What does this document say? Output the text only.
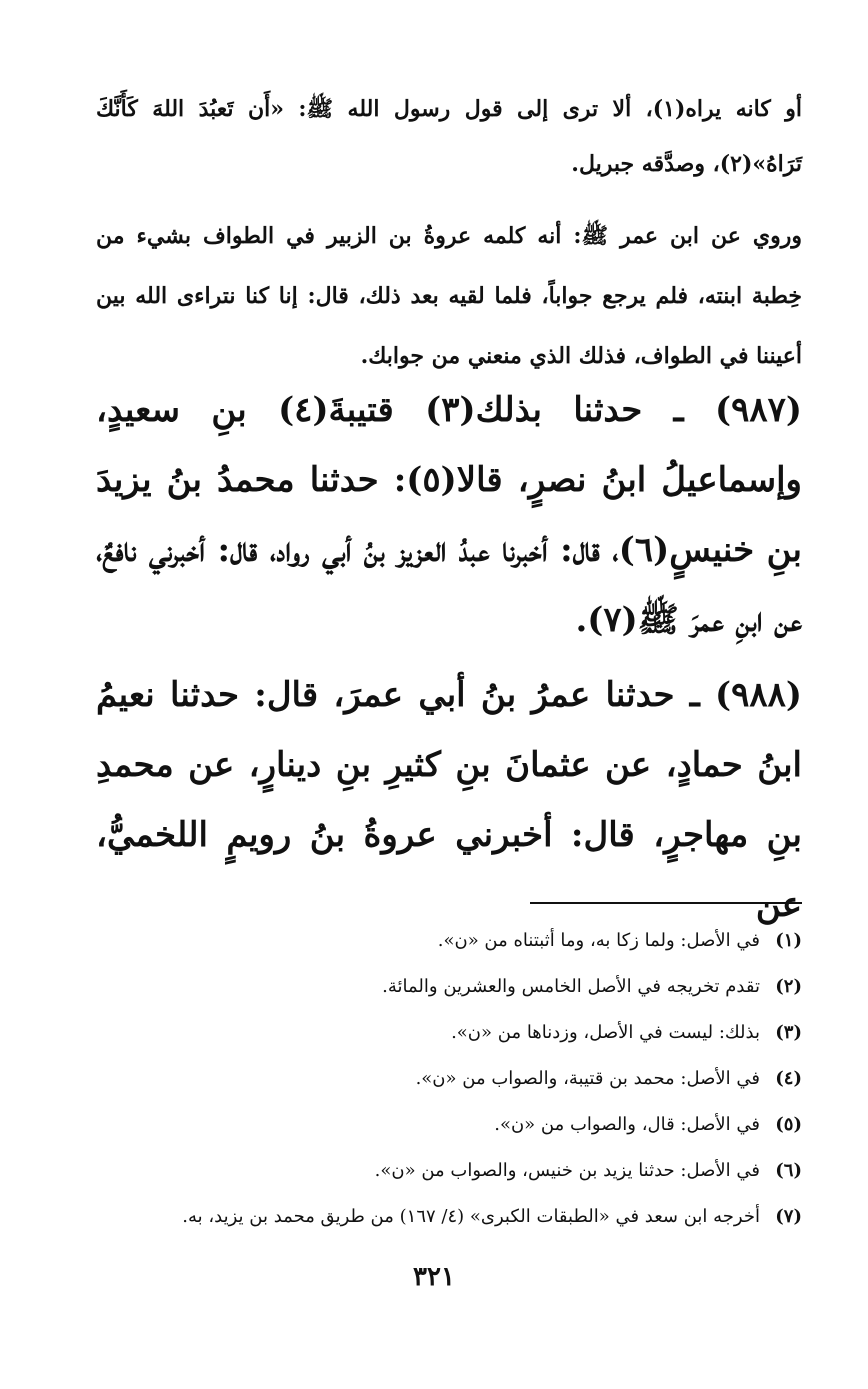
أو كانه يراه(١)، ألا ترى إلى قول رسول الله ﷺ: «أَن تَعبُدَ اللهَ كَأَنَّكَ تَرَاهُ»(٢)، وصدَّقه جبريل.

وروي عن ابن عمر ﷺ: أنه كلمه عروةُ بن الزبير في الطواف بشيء من خِطبة ابنته، فلم يرجع جواباً، فلما لقيه بعد ذلك، قال: إنا كنا نتراءى الله بين أعيننا في الطواف، فذلك الذي منعني من جوابك.

(٩٨٧) ـ حدثنا بذلك(٣) قتيبةَ(٤) بنِ سعيدٍ، وإسماعيلُ ابنُ نصرٍ، قالا(٥): حدثنا محمدُ بنُ يزيدَ بنِ خنيسٍ(٦)، قال: أخبرنا عبدُ العزيز بنُ أبي رواد، قال: أخبرني نافعٌ، عن ابنِ عمرَ ﷺ(٧).

(٩٨٨) ـ حدثنا عمرُ بنُ أبي عمرَ، قال: حدثنا نعيمُ ابنُ حمادٍ، عن عثمانَ بنِ كثيرِ بنِ دينارٍ، عن محمدِ بنِ مهاجرٍ، قال: أخبرني عروةُ بنُ رويمٍ اللخميُّ، عن

(١)في الأصل: ولما زكا به، وما أثبتناه من «ن».
(٢)تقدم تخريجه في الأصل الخامس والعشرين والمائة.
(٣)بذلك: ليست في الأصل، وزدناها من «ن».
(٤)في الأصل: محمد بن قتيبة، والصواب من «ن».
(٥)في الأصل: قال، والصواب من «ن».
(٦)في الأصل: حدثنا يزيد بن خنيس، والصواب من «ن».
(٧)أخرجه ابن سعد في «الطبقات الكبرى» (٤/ ١٦٧) من طريق محمد بن يزيد، به.
٣٢١
